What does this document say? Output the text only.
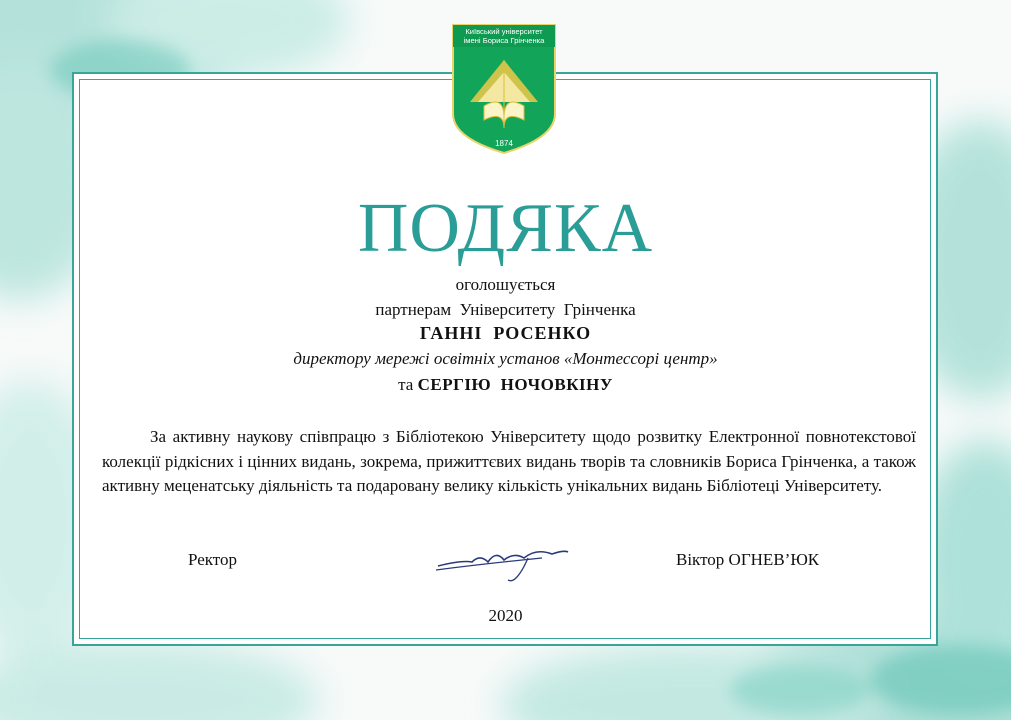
Київський університет
імені Бориса Грінченка
1874
ПОДЯКА
оголошується
партнерам  Університету  Грінченка
ГАННІ  РОСЕНКО
директору мережі освітніх установ «Монтессорі центр»
та СЕРГІЮ  НОЧОВКІНУ
За активну наукову співпрацю з Бібліотекою Університету щодо розвитку Електронної повнотекстової колекції рідкісних і цінних видань, зокрема, прижиттєвих видань творів та словників Бориса Грінченка, а також активну меценатську діяльність та подаровану велику кількість унікальних видань Бібліотеці Університету.
Ректор	Віктор ОГНЕВ’ЮК
2020
